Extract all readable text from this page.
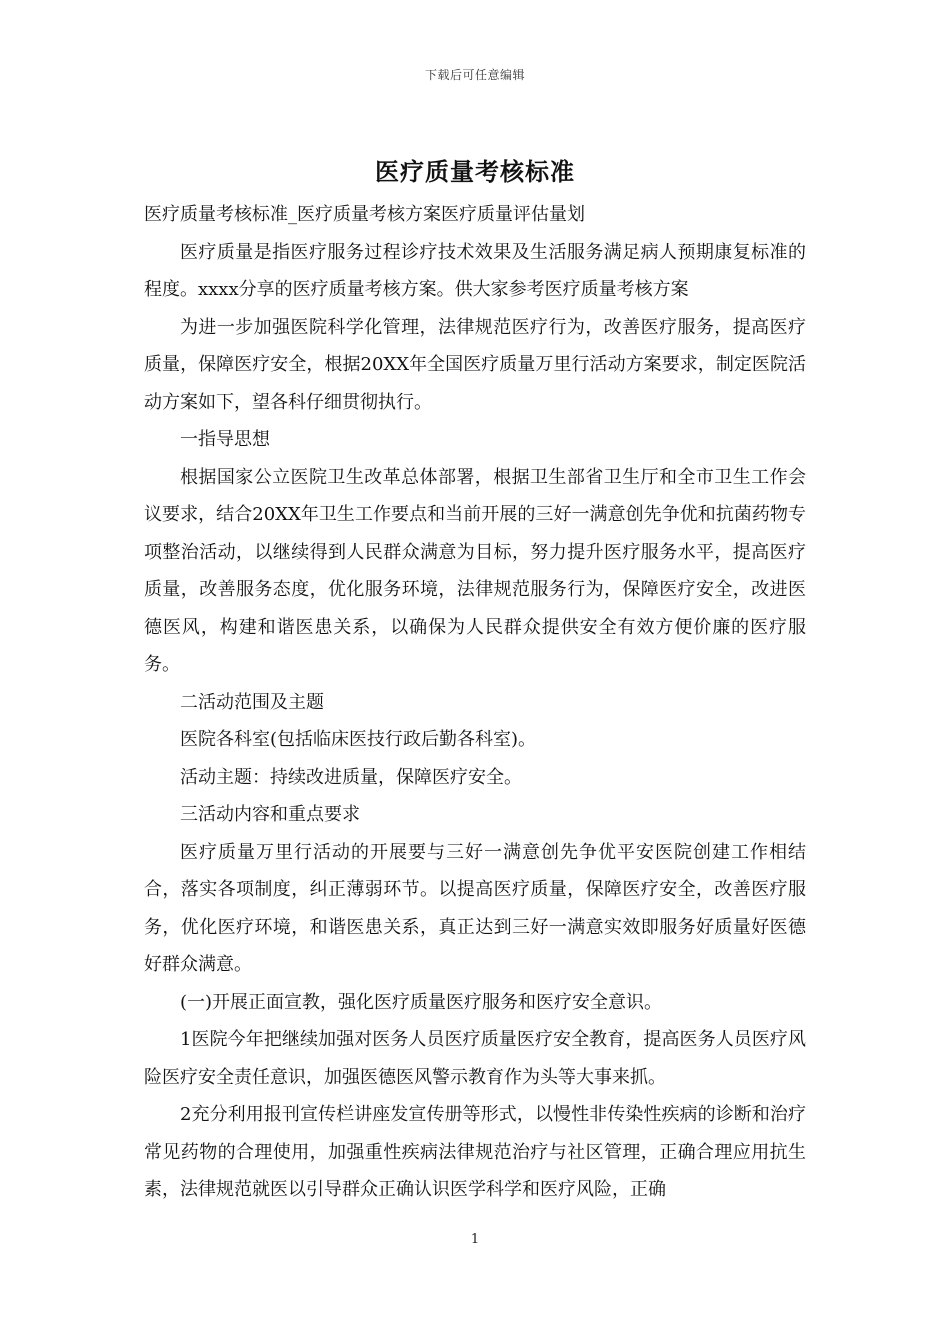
下载后可任意编辑
医疗质量考核标准

医疗质量考核标准_医疗质量考核方案医疗质量评估量划

医疗质量是指医疗服务过程诊疗技术效果及生活服务满足病人预期康复标准的程度。xxxx分享的医疗质量考核方案。供大家参考医疗质量考核方案

为进一步加强医院科学化管理，法律规范医疗行为，改善医疗服务，提高医疗质量，保障医疗安全，根据20XX年全国医疗质量万里行活动方案要求，制定医院活动方案如下，望各科仔细贯彻执行。

一指导思想

根据国家公立医院卫生改革总体部署，根据卫生部省卫生厅和全市卫生工作会议要求，结合20XX年卫生工作要点和当前开展的三好一满意创先争优和抗菌药物专项整治活动，以继续得到人民群众满意为目标，努力提升医疗服务水平，提高医疗质量，改善服务态度，优化服务环境，法律规范服务行为，保障医疗安全，改进医德医风，构建和谐医患关系，以确保为人民群众提供安全有效方便价廉的医疗服务。

二活动范围及主题

医院各科室(包括临床医技行政后勤各科室)。

活动主题：持续改进质量，保障医疗安全。

三活动内容和重点要求

医疗质量万里行活动的开展要与三好一满意创先争优平安医院创建工作相结合，落实各项制度，纠正薄弱环节。以提高医疗质量，保障医疗安全，改善医疗服务，优化医疗环境，和谐医患关系，真正达到三好一满意实效即服务好质量好医德好群众满意。

(一)开展正面宣教，强化医疗质量医疗服务和医疗安全意识。

1医院今年把继续加强对医务人员医疗质量医疗安全教育，提高医务人员医疗风险医疗安全责任意识，加强医德医风警示教育作为头等大事来抓。

2充分利用报刊宣传栏讲座发宣传册等形式，以慢性非传染性疾病的诊断和治疗常见药物的合理使用，加强重性疾病法律规范治疗与社区管理，正确合理应用抗生素，法律规范就医以引导群众正确认识医学科学和医疗风险，正确

1
